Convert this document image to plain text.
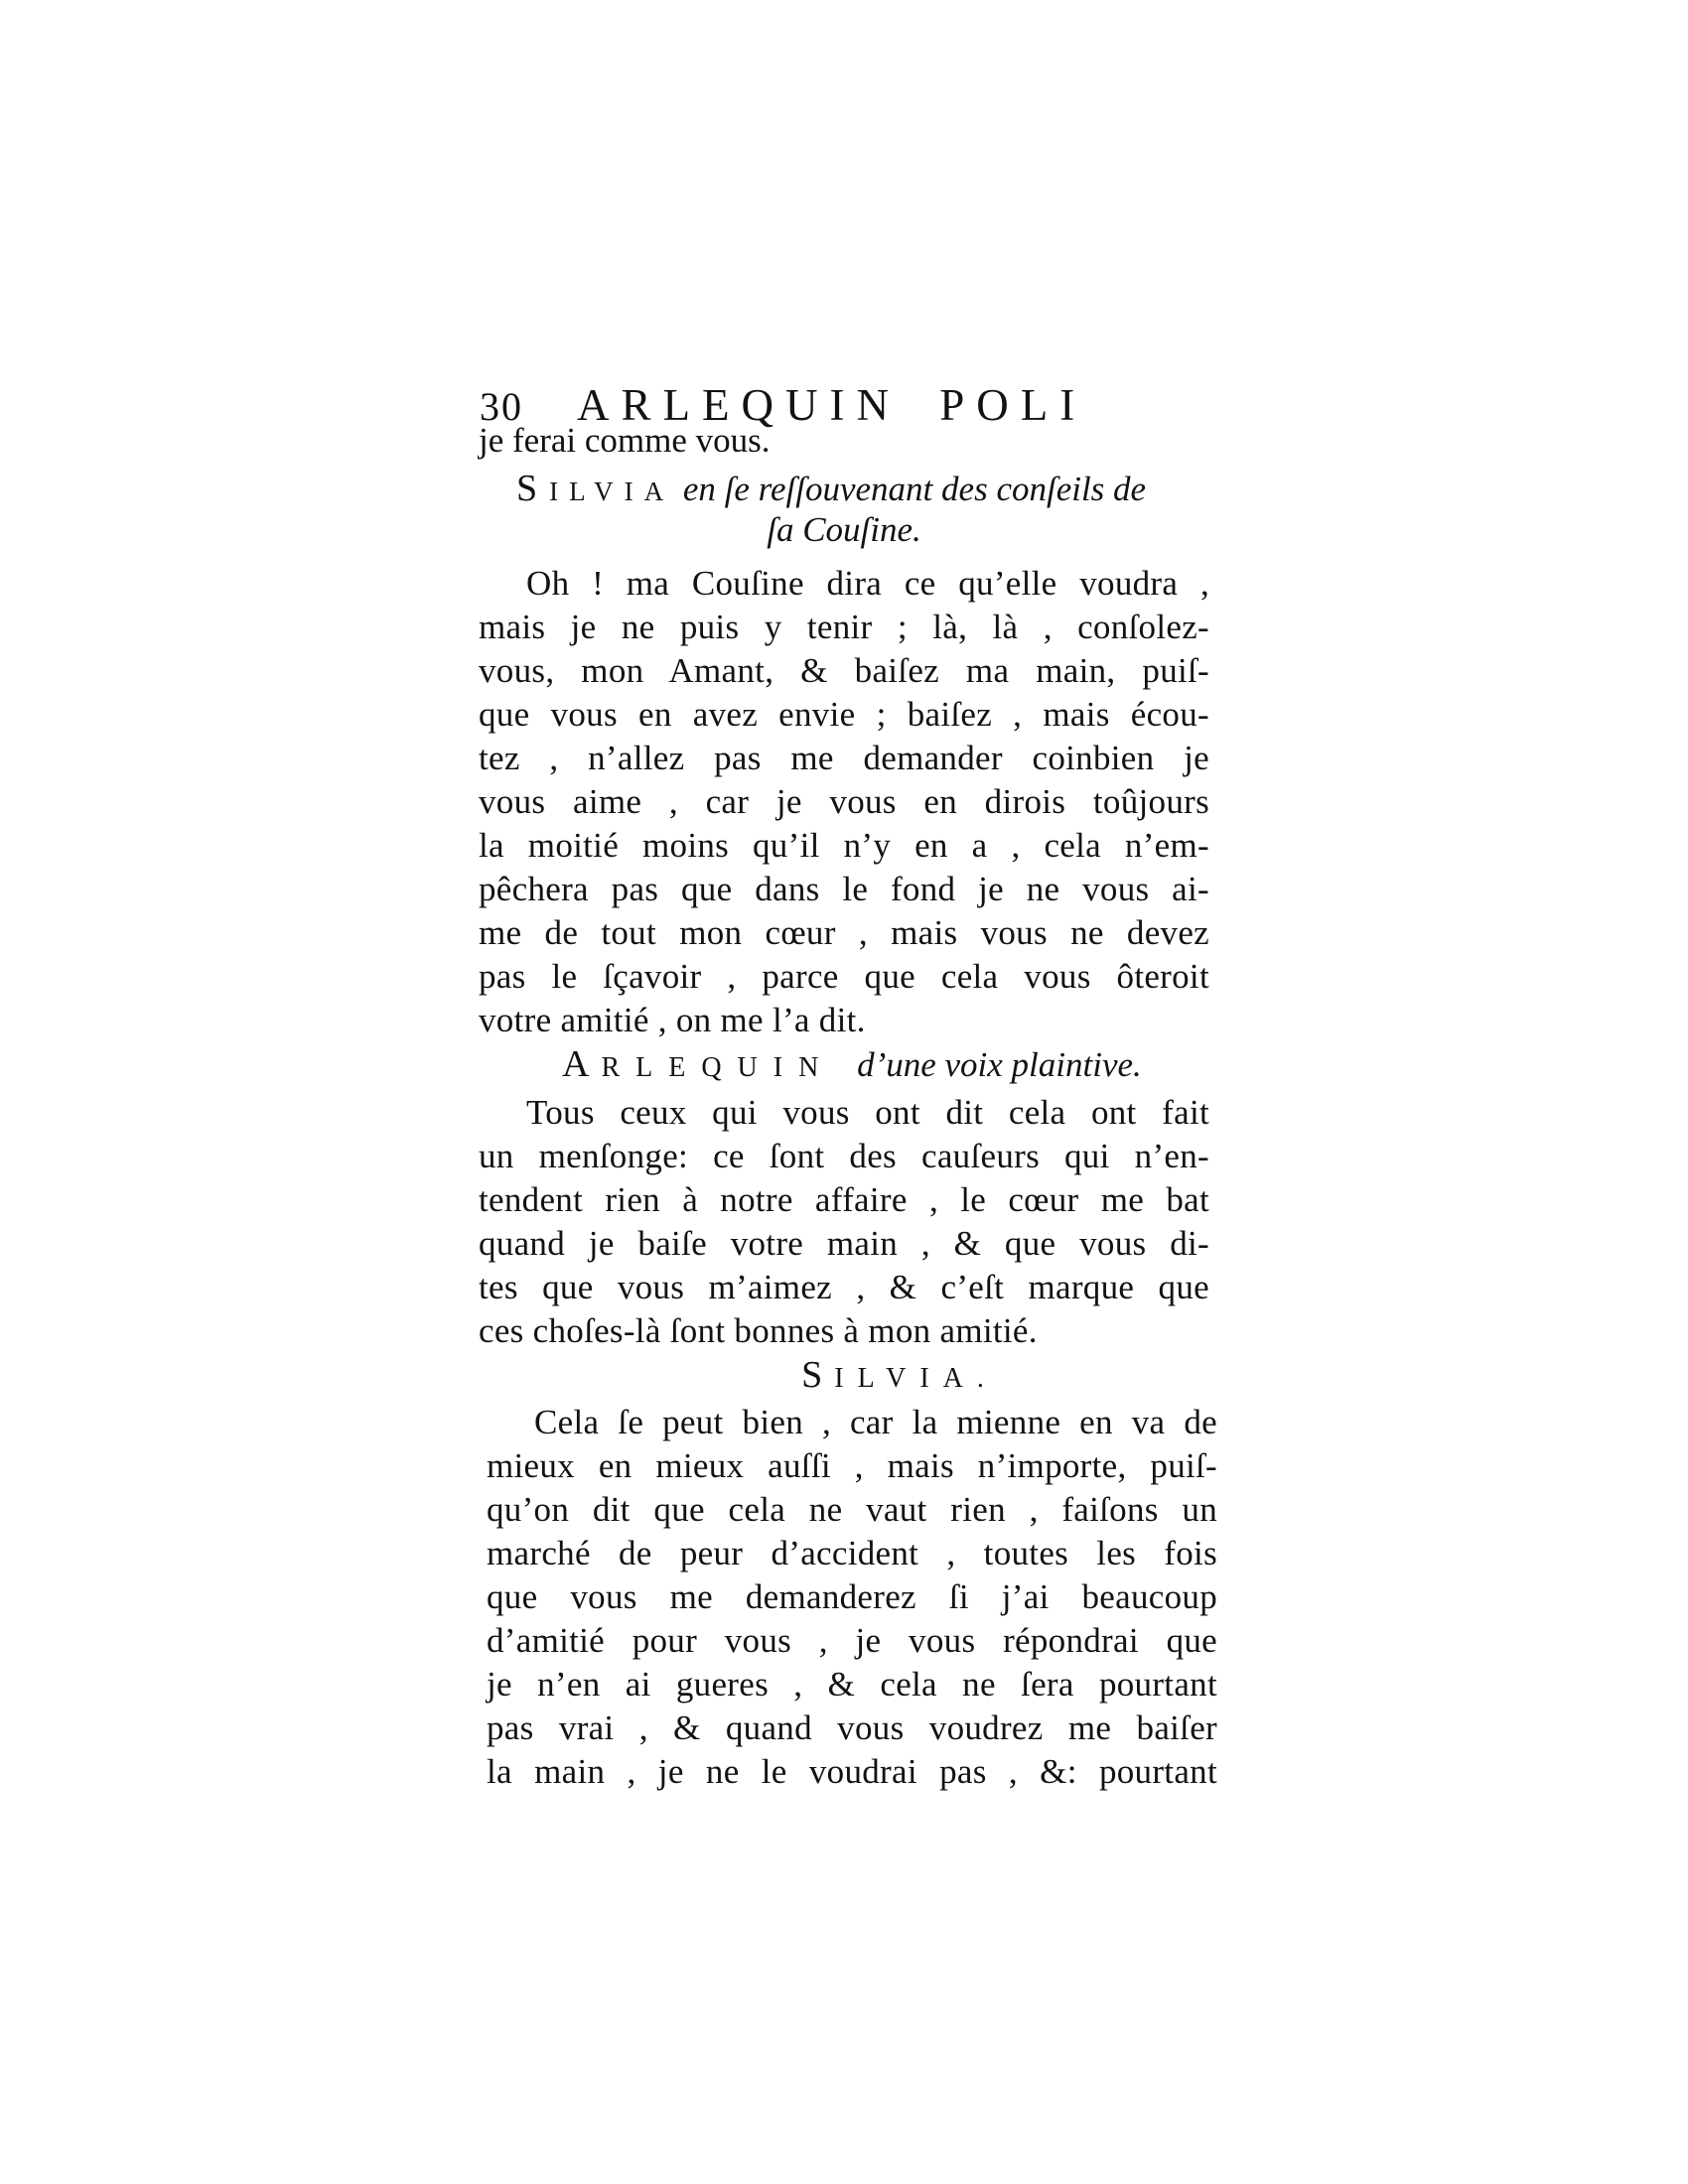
30 ARLEQUIN POLI
je ferai comme vous.
SILVIA en ſe reſſouvenant des conſeils de
ſa Couſine.
Oh ! ma Couſine dira ce qu’elle voudra ,
mais je ne puis y tenir ; là, là , conſolez-
vous, mon Amant, & baiſez ma main, puiſ-
que vous en avez envie ; baiſez , mais écou-
tez , n’allez pas me demander coinbien je
vous aime , car je vous en dirois toûjours
la moitié moins qu’il n’y en a , cela n’em-
pêchera pas que dans le fond je ne vous ai-
me de tout mon cœur , mais vous ne devez
pas le ſçavoir , parce que cela vous ôteroit
votre amitié , on me l’a dit.
ARLEQUIN d’une voix plaintive.
Tous ceux qui vous ont dit cela ont fait
un menſonge: ce ſont des cauſeurs qui n’en-
tendent rien à notre affaire , le cœur me bat
quand je baiſe votre main , & que vous di-
tes que vous m’aimez , & c’eſt marque que
ces choſes-là ſont bonnes à mon amitié.
SILVIA.
Cela ſe peut bien , car la mienne en va de
mieux en mieux auſſi , mais n’importe, puiſ-
qu’on dit que cela ne vaut rien , faiſons un
marché de peur d’accident , toutes les fois
que vous me demanderez ſi j’ai beaucoup
d’amitié pour vous , je vous répondrai que
je n’en ai gueres , & cela ne ſera pourtant
pas vrai , & quand vous voudrez me baiſer
la main , je ne le voudrai pas , &: pourtant
